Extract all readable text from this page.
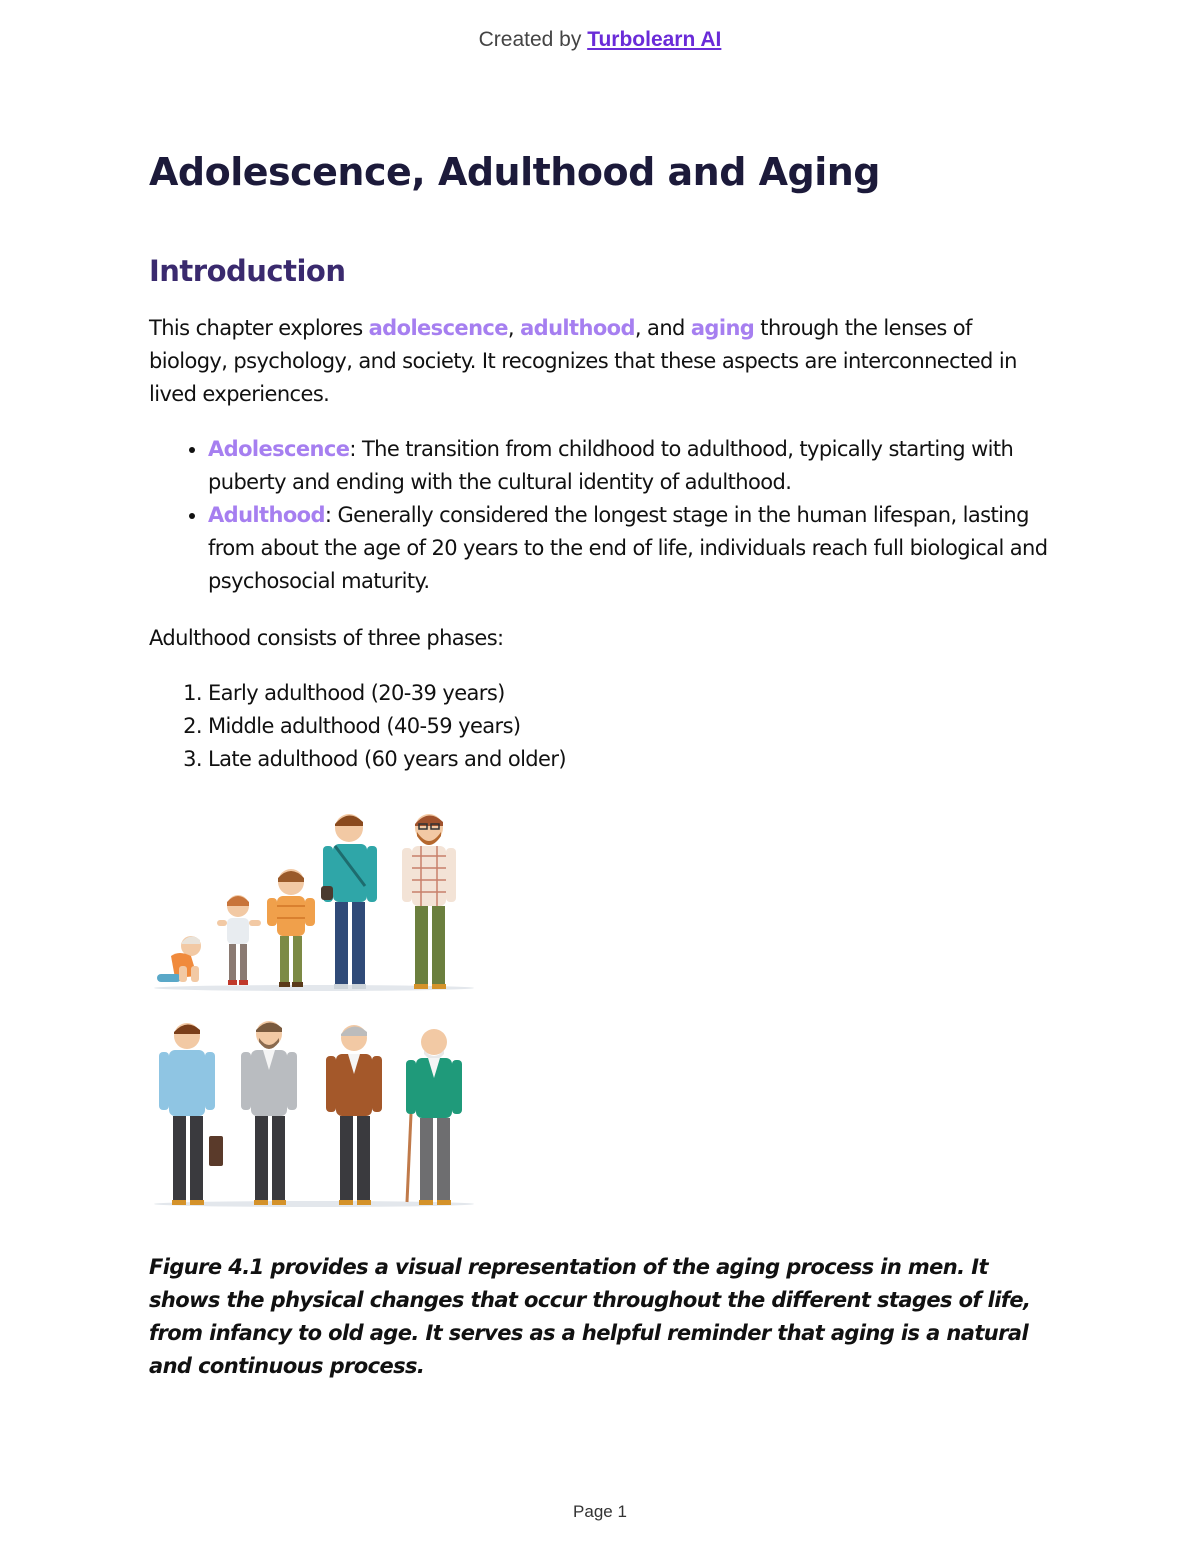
Created by Turbolearn AI
Adolescence, Adulthood and Aging
Introduction

This chapter explores adolescence, adulthood, and aging through the lenses of biology, psychology, and society. It recognizes that these aspects are interconnected in lived experiences.

• Adolescence: The transition from childhood to adulthood, typically starting with puberty and ending with the cultural identity of adulthood.
• Adulthood: Generally considered the longest stage in the human lifespan, lasting from about the age of 20 years to the end of life, individuals reach full biological and psychosocial maturity.

Adulthood consists of three phases:

1. Early adulthood (20-39 years)
2. Middle adulthood (40-59 years)
3. Late adulthood (60 years and older)

Figure 4.1 provides a visual representation of the aging process in men. It shows the physical changes that occur throughout the different stages of life, from infancy to old age. It serves as a helpful reminder that aging is a natural and continuous process.

Page 1
